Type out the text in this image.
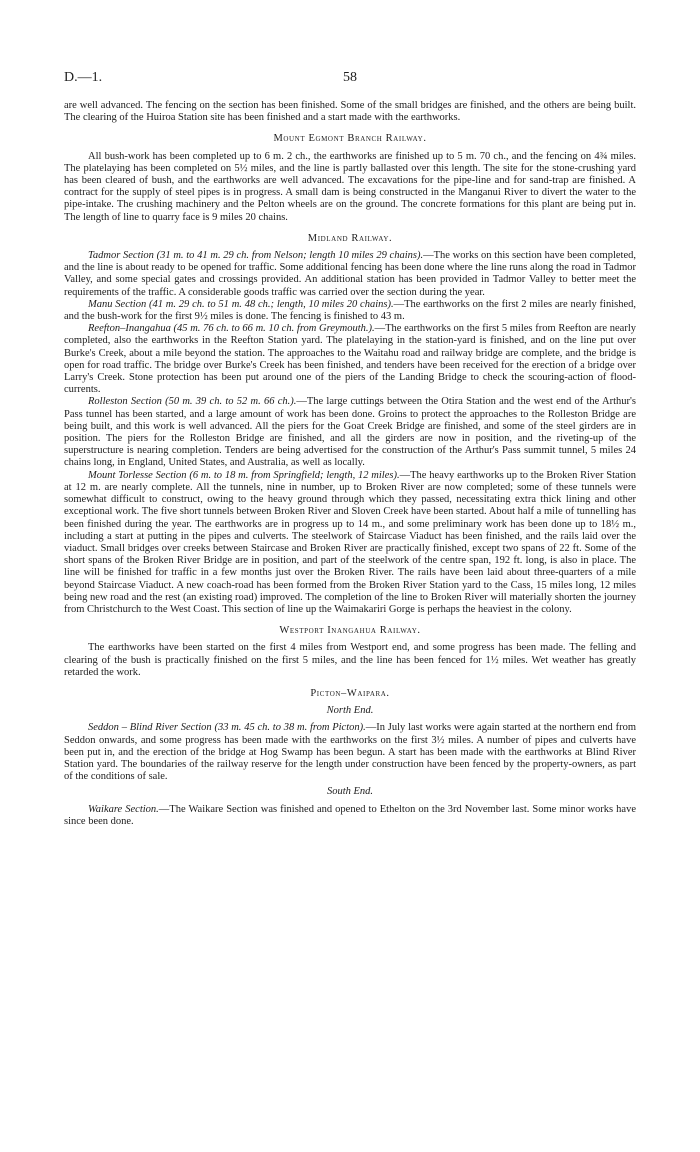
D.—1.	58

are well advanced. The fencing on the section has been finished. Some of the small bridges are finished, and the others are being built. The clearing of the Huiroa Station site has been finished and a start made with the earthworks.

Mount Egmont Branch Railway.

All bush-work has been completed up to 6 m. 2 ch., the earthworks are finished up to 5 m. 70 ch., and the fencing on 4¾ miles. The platelaying has been completed on 5½ miles, and the line is partly ballasted over this length. The site for the stone-crushing yard has been cleared of bush, and the earthworks are well advanced. The excavations for the pipe-line and for sand-trap are finished. A contract for the supply of steel pipes is in progress. A small dam is being constructed in the Manganui River to divert the water to the pipe-intake. The crushing machinery and the Pelton wheels are on the ground. The concrete formations for this plant are being put in. The length of line to quarry face is 9 miles 20 chains.

Midland Railway.

Tadmor Section (31 m. to 41 m. 29 ch. from Nelson; length 10 miles 29 chains).—The works on this section have been completed, and the line is about ready to be opened for traffic. Some additional fencing has been done where the line runs along the road in Tadmor Valley, and some special gates and crossings provided. An additional station has been provided in Tadmor Valley to better meet the requirements of the traffic. A considerable goods traffic was carried over the section during the year.

Manu Section (41 m. 29 ch. to 51 m. 48 ch.; length, 10 miles 20 chains).—The earthworks on the first 2 miles are nearly finished, and the bush-work for the first 9½ miles is done. The fencing is finished to 43 m.

Reefton–Inangahua (45 m. 76 ch. to 66 m. 10 ch. from Greymouth.).—The earthworks on the first 5 miles from Reefton are nearly completed, also the earthworks in the Reefton Station yard. The platelaying in the station-yard is finished, and on the line put over Burke's Creek, about a mile beyond the station. The approaches to the Waitahu road and railway bridge are complete, and the bridge is open for road traffic. The bridge over Burke's Creek has been finished, and tenders have been received for the erection of a bridge over Larry's Creek. Stone protection has been put around one of the piers of the Landing Bridge to check the scouring-action of flood-currents.

Rolleston Section (50 m. 39 ch. to 52 m. 66 ch.).—The large cuttings between the Otira Station and the west end of the Arthur's Pass tunnel has been started, and a large amount of work has been done. Groins to protect the approaches to the Rolleston Bridge are being built, and this work is well advanced. All the piers for the Goat Creek Bridge are finished, and some of the steel girders are in position. The piers for the Rolleston Bridge are finished, and all the girders are now in position, and the riveting-up of the superstructure is nearing completion. Tenders are being advertised for the construction of the Arthur's Pass summit tunnel, 5 miles 24 chains long, in England, United States, and Australia, as well as locally.

Mount Torlesse Section (6 m. to 18 m. from Springfield; length, 12 miles).—The heavy earthworks up to the Broken River Station at 12 m. are nearly complete. All the tunnels, nine in number, up to Broken River are now completed; some of these tunnels were somewhat difficult to construct, owing to the heavy ground through which they passed, necessitating extra thick lining and other exceptional work. The five short tunnels between Broken River and Sloven Creek have been started. About half a mile of tunnelling has been finished during the year. The earthworks are in progress up to 14 m., and some preliminary work has been done up to 18½ m., including a start at putting in the pipes and culverts. The steelwork of Staircase Viaduct has been finished, and the rails laid over the viaduct. Small bridges over creeks between Staircase and Broken River are practically finished, except two spans of 22 ft. Some of the short spans of the Broken River Bridge are in position, and part of the steelwork of the centre span, 192 ft. long, is also in place. The line will be finished for traffic in a few months just over the Broken River. The rails have been laid about three-quarters of a mile beyond Staircase Viaduct. A new coach-road has been formed from the Broken River Station yard to the Cass, 15 miles long, 12 miles being new road and the rest (an existing road) improved. The completion of the line to Broken River will materially shorten the journey from Christchurch to the West Coast. This section of line up the Waimakariri Gorge is perhaps the heaviest in the colony.

Westport Inangahua Railway.

The earthworks have been started on the first 4 miles from Westport end, and some progress has been made. The felling and clearing of the bush is practically finished on the first 5 miles, and the line has been fenced for 1½ miles. Wet weather has greatly retarded the work.

Picton–Waipara.
North End.

Seddon – Blind River Section (33 m. 45 ch. to 38 m. from Picton).—In July last works were again started at the northern end from Seddon onwards, and some progress has been made with the earthworks on the first 3½ miles. A number of pipes and culverts have been put in, and the erection of the bridge at Hog Swamp has been begun. A start has been made with the earthworks at Blind River Station yard. The boundaries of the railway reserve for the length under construction have been fenced by the property-owners, as part of the conditions of sale.

South End.

Waikare Section.—The Waikare Section was finished and opened to Ethelton on the 3rd November last. Some minor works have since been done.
